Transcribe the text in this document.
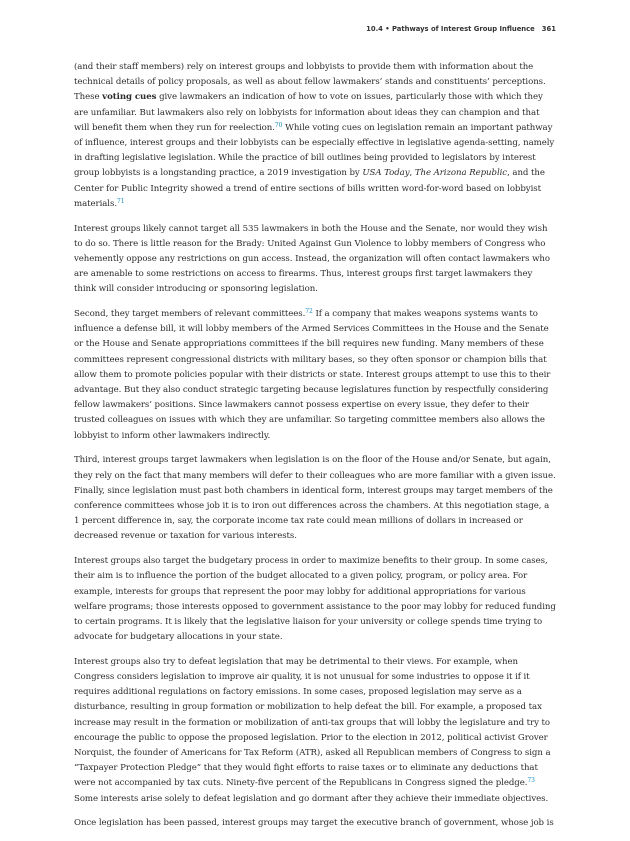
10.4 • Pathways of Interest Group Influence 361

(and their staff members) rely on interest groups and lobbyists to provide them with information about the technical details of policy proposals, as well as about fellow lawmakers’ stands and constituents’ perceptions. These voting cues give lawmakers an indication of how to vote on issues, particularly those with which they are unfamiliar. But lawmakers also rely on lobbyists for information about ideas they can champion and that will benefit them when they run for reelection.$^{70}$ While voting cues on legislation remain an important pathway of influence, interest groups and their lobbyists can be especially effective in legislative agenda-setting, namely in drafting legislative legislation. While the practice of bill outlines being provided to legislators by interest group lobbyists is a longstanding practice, a 2019 investigation by USA Today, The Arizona Republic, and the Center for Public Integrity showed a trend of entire sections of bills written word-for-word based on lobbyist materials.$^{71}$

Interest groups likely cannot target all 535 lawmakers in both the House and the Senate, nor would they wish to do so. There is little reason for the Brady: United Against Gun Violence to lobby members of Congress who vehemently oppose any restrictions on gun access. Instead, the organization will often contact lawmakers who are amenable to some restrictions on access to firearms. Thus, interest groups first target lawmakers they think will consider introducing or sponsoring legislation.

Second, they target members of relevant committees.$^{72}$ If a company that makes weapons systems wants to influence a defense bill, it will lobby members of the Armed Services Committees in the House and the Senate or the House and Senate appropriations committees if the bill requires new funding. Many members of these committees represent congressional districts with military bases, so they often sponsor or champion bills that allow them to promote policies popular with their districts or state. Interest groups attempt to use this to their advantage. But they also conduct strategic targeting because legislatures function by respectfully considering fellow lawmakers’ positions. Since lawmakers cannot possess expertise on every issue, they defer to their trusted colleagues on issues with which they are unfamiliar. So targeting committee members also allows the lobbyist to inform other lawmakers indirectly.

Third, interest groups target lawmakers when legislation is on the floor of the House and/or Senate, but again, they rely on the fact that many members will defer to their colleagues who are more familiar with a given issue. Finally, since legislation must past both chambers in identical form, interest groups may target members of the conference committees whose job it is to iron out differences across the chambers. At this negotiation stage, a 1 percent difference in, say, the corporate income tax rate could mean millions of dollars in increased or decreased revenue or taxation for various interests.

Interest groups also target the budgetary process in order to maximize benefits to their group. In some cases, their aim is to influence the portion of the budget allocated to a given policy, program, or policy area. For example, interests for groups that represent the poor may lobby for additional appropriations for various welfare programs; those interests opposed to government assistance to the poor may lobby for reduced funding to certain programs. It is likely that the legislative liaison for your university or college spends time trying to advocate for budgetary allocations in your state.

Interest groups also try to defeat legislation that may be detrimental to their views. For example, when Congress considers legislation to improve air quality, it is not unusual for some industries to oppose it if it requires additional regulations on factory emissions. In some cases, proposed legislation may serve as a disturbance, resulting in group formation or mobilization to help defeat the bill. For example, a proposed tax increase may result in the formation or mobilization of anti-tax groups that will lobby the legislature and try to encourage the public to oppose the proposed legislation. Prior to the election in 2012, political activist Grover Norquist, the founder of Americans for Tax Reform (ATR), asked all Republican members of Congress to sign a “Taxpayer Protection Pledge” that they would fight efforts to raise taxes or to eliminate any deductions that were not accompanied by tax cuts. Ninety-five percent of the Republicans in Congress signed the pledge.$^{73}$ Some interests arise solely to defeat legislation and go dormant after they achieve their immediate objectives.

Once legislation has been passed, interest groups may target the executive branch of government, whose job is
